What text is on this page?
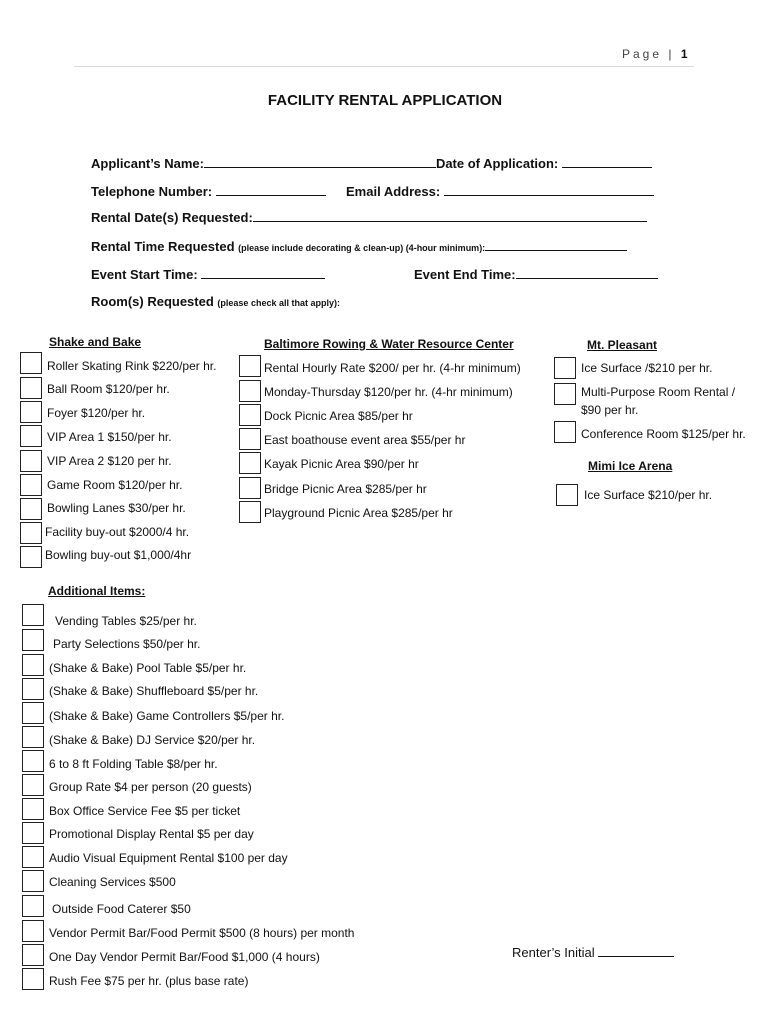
Page | 1
FACILITY RENTAL APPLICATION
Applicant’s Name:	Date of Application:
Telephone Number:	Email Address:
Rental Date(s) Requested:
Rental Time Requested (please include decorating & clean-up) (4-hour minimum):
Event Start Time:	Event End Time:
Room(s) Requested (please check all that apply):
Shake and Bake
Roller Skating Rink $220/per hr.
Ball Room $120/per hr.
Foyer $120/per hr.
VIP Area 1 $150/per hr.
VIP Area 2 $120 per hr.
Game Room $120/per hr.
Bowling Lanes $30/per hr.
Facility buy-out $2000/4 hr.
Bowling buy-out $1,000/4hr
Baltimore Rowing & Water Resource Center
Rental Hourly Rate $200/ per hr. (4-hr minimum)
Monday-Thursday $120/per hr. (4-hr minimum)
Dock Picnic Area $85/per hr
East boathouse event area $55/per hr
Kayak Picnic Area $90/per hr
Bridge Picnic Area $285/per hr
Playground Picnic Area $285/per hr
Mt. Pleasant
Ice Surface /$210 per hr.
Multi-Purpose Room Rental /
$90 per hr.
Conference Room $125/per hr.
Mimi Ice Arena
Ice Surface $210/per hr.
Additional Items:
Vending Tables $25/per hr.
Party Selections $50/per hr.
(Shake & Bake) Pool Table $5/per hr.
(Shake & Bake) Shuffleboard $5/per hr.
(Shake & Bake) Game Controllers $5/per hr.
(Shake & Bake) DJ Service $20/per hr.
6 to 8 ft Folding Table $8/per hr.
Group Rate $4 per person (20 guests)
Box Office Service Fee $5 per ticket
Promotional Display Rental $5 per day
Audio Visual Equipment Rental $100 per day
Cleaning Services $500
Outside Food Caterer $50
Vendor Permit Bar/Food Permit $500 (8 hours) per month
One Day Vendor Permit Bar/Food $1,000 (4 hours)
Rush Fee $75 per hr. (plus base rate)
Renter’s Initial
